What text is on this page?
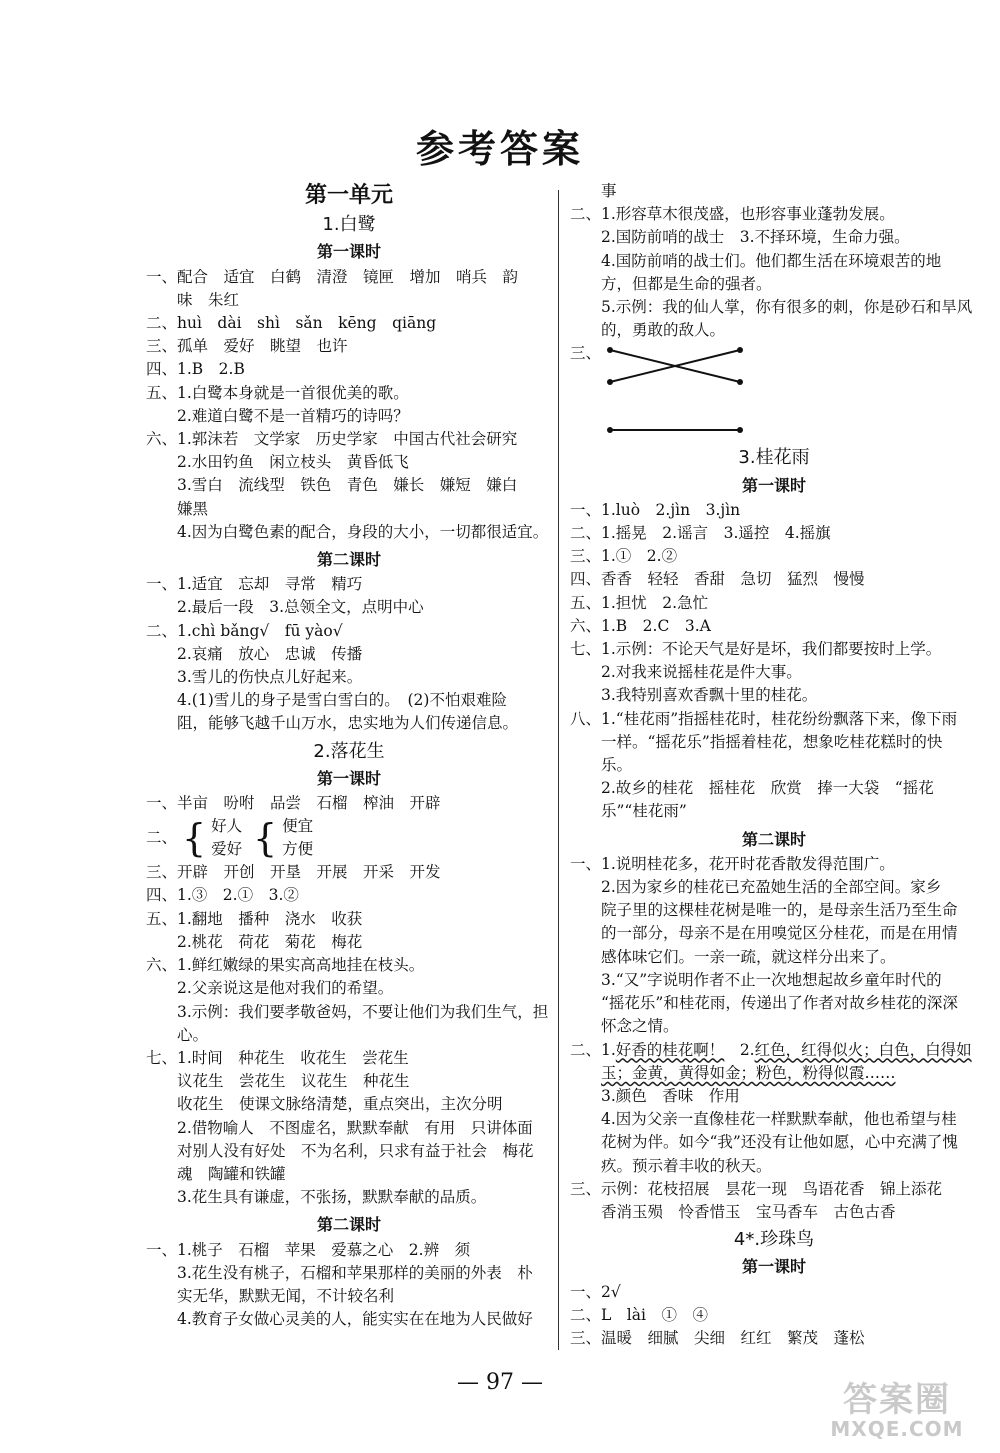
参考答案
第一单元
1.白鹭
第一课时
一、配合　适宜　白鹤　清澄　镜匣　增加　哨兵　韵
味　朱红
二、huì　dài　shì　sǎn　kēng　qiāng
三、孤单　爱好　眺望　也许
四、1.B　2.B
五、1.白鹭本身就是一首很优美的歌。
2.难道白鹭不是一首精巧的诗吗？
六、1.郭沫若　文学家　历史学家　中国古代社会研究
2.水田钓鱼　闲立枝头　黄昏低飞
3.雪白　流线型　铁色　青色　嫌长　嫌短　嫌白
嫌黑
4.因为白鹭色素的配合，身段的大小，一切都很适宜。
第二课时
一、1.适宜　忘却　寻常　精巧
2.最后一段　3.总领全文，点明中心
二、1.chì bǎng√　fū yào√
2.哀痛　放心　忠诚　传播
3.雪儿的伤快点儿好起来。
4.(1)雪儿的身子是雪白雪白的。　(2)不怕艰难险
阻，能够飞越千山万水，忠实地为人们传递信息。
2.落花生
第一课时
一、半亩　吩咐　品尝　石榴　榨油　开辟
二、 { 好人
爱好 { 便宜
方便
三、开辟　开创　开垦　开展　开采　开发
四、1.③　2.①　3.②
五、1.翻地　播种　浇水　收获
2.桃花　荷花　菊花　梅花
六、1.鲜红嫩绿的果实高高地挂在枝头。
2.父亲说这是他对我们的希望。
3.示例：我们要孝敬爸妈，不要让他们为我们生气，担
心。
七、1.时间　种花生　收花生　尝花生
议花生　尝花生　议花生　种花生
收花生　使课文脉络清楚，重点突出，主次分明
2.借物喻人　不图虚名，默默奉献　有用　只讲体面
对别人没有好处　不为名利，只求有益于社会　梅花
魂　陶罐和铁罐
3.花生具有谦虚，不张扬，默默奉献的品质。
第二课时
一、1.桃子　石榴　苹果　爱慕之心　2.辨　须
3.花生没有桃子，石榴和苹果那样的美丽的外表　朴
实无华，默默无闻，不计较名利
4.教育子女做心灵美的人，能实实在在地为人民做好
事
二、1.形容草木很茂盛，也形容事业蓬勃发展。
2.国防前哨的战士　3.不择环境，生命力强。
4.国防前哨的战士们。他们都生活在环境艰苦的地
方，但都是生命的强者。
5.示例：我的仙人掌，你有很多的刺，你是砂石和旱风
的，勇敢的敌人。
三、
3.桂花雨
第一课时
一、1.luò　2.jìn　3.jìn
二、1.摇晃　2.谣言　3.遥控　4.摇旗
三、1.①　2.②
四、香香　轻轻　香甜　急切　猛烈　慢慢
五、1.担忧　2.急忙
六、1.B　2.C　3.A
七、1.示例：不论天气是好是坏，我们都要按时上学。
2.对我来说摇桂花是件大事。
3.我特别喜欢香飘十里的桂花。
八、1.“桂花雨”指摇桂花时，桂花纷纷飘落下来，像下雨
一样。“摇花乐”指摇着桂花，想象吃桂花糕时的快
乐。
2.故乡的桂花　摇桂花　欣赏　捧一大袋　“摇花
乐”“桂花雨”
第二课时
一、1.说明桂花多，花开时花香散发得范围广。
2.因为家乡的桂花已充盈她生活的全部空间。家乡
院子里的这棵桂花树是唯一的，是母亲生活乃至生命
的一部分，母亲不是在用嗅觉区分桂花，而是在用情
感体味它们。一亲一疏，就这样分出来了。
3.“又”字说明作者不止一次地想起故乡童年时代的
“摇花乐”和桂花雨，传递出了作者对故乡桂花的深深
怀念之情。
二、1.好香的桂花啊！　2.红色，红得似火；白色，白得如
玉；金黄，黄得如金；粉色，粉得似霞……
3.颜色　香味　作用
4.因为父亲一直像桂花一样默默奉献，他也希望与桂
花树为伴。如今“我”还没有让他如愿，心中充满了愧
疚。预示着丰收的秋天。
三、示例：花枝招展　昙花一现　鸟语花香　锦上添花
香消玉殒　怜香惜玉　宝马香车　古色古香
4*.珍珠鸟
第一课时
一、2√
二、L　lài　①　④
三、温暖　细腻　尖细　红红　繁茂　蓬松
— 97 —	答案圈
MXQE.COM
